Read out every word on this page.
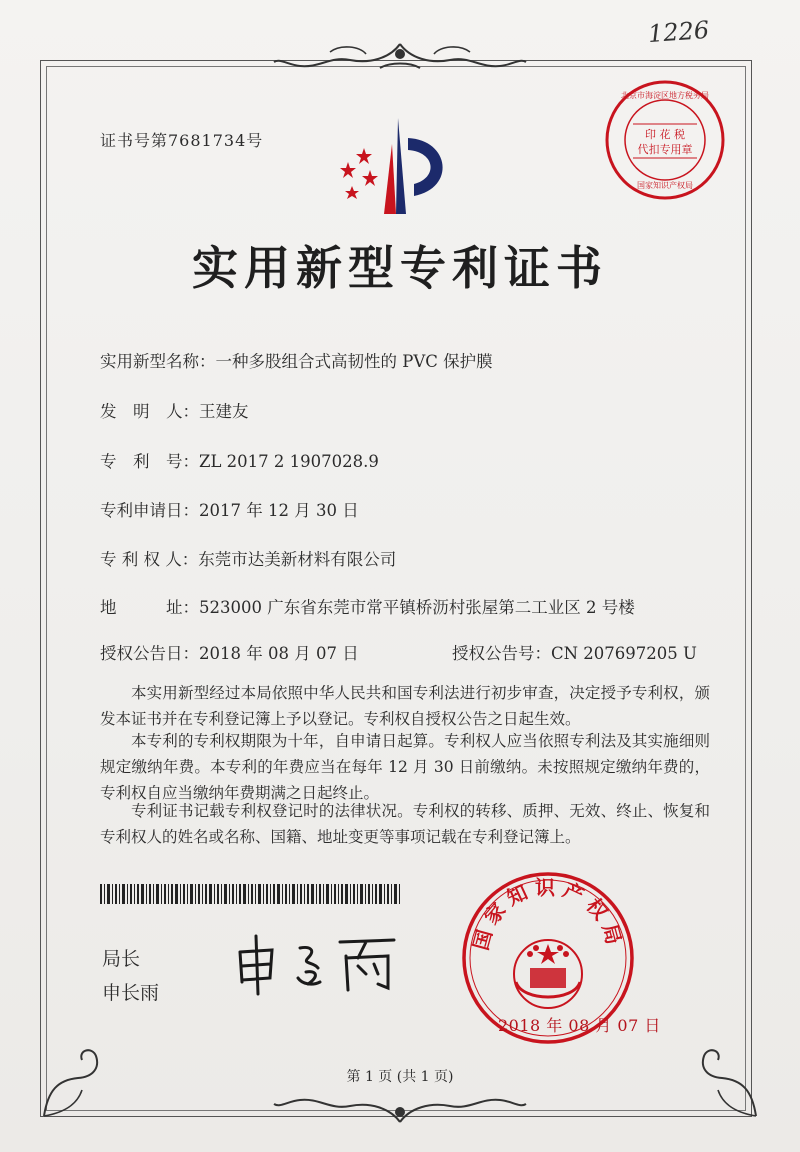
1226
证书号第7681734号
实用新型专利证书
印 花 税
代扣专用章
北京市海淀区地方税务局
国家知识产权局
实用新型名称：一种多股组合式高韧性的 PVC 保护膜
发　明　人：王建友
专　利　号：ZL 2017 2 1907028.9
专利申请日：2017 年 12 月 30 日
专 利 权 人：东莞市达美新材料有限公司
地　　　址：523000 广东省东莞市常平镇桥沥村张屋第二工业区 2 号楼
授权公告日：2018 年 08 月 07 日	授权公告号：CN 207697205 U
本实用新型经过本局依照中华人民共和国专利法进行初步审查，决定授予专利权，颁发本证书并在专利登记簿上予以登记。专利权自授权公告之日起生效。
本专利的专利权期限为十年，自申请日起算。专利权人应当依照专利法及其实施细则规定缴纳年费。本专利的年费应当在每年 12 月 30 日前缴纳。未按照规定缴纳年费的，专利权自应当缴纳年费期满之日起终止。
专利证书记载专利权登记时的法律状况。专利权的转移、质押、无效、终止、恢复和专利权人的姓名或名称、国籍、地址变更等事项记载在专利登记簿上。
局长
申长雨
国家知识产权局
2018 年 08 月 07 日
第 1 页 (共 1 页)
